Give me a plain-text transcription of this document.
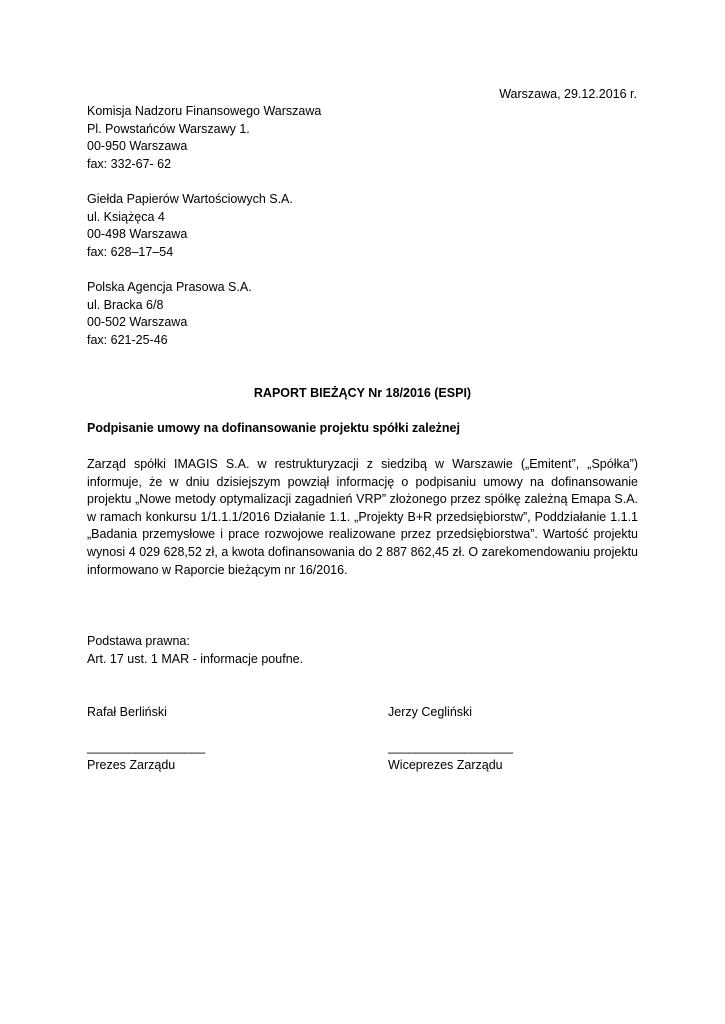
Warszawa, 29.12.2016 r.
Komisja Nadzoru Finansowego Warszawa
Pl. Powstańców Warszawy 1.
00-950 Warszawa
fax: 332-67- 62
Giełda Papierów Wartościowych S.A.
ul. Książęca 4
00-498 Warszawa
fax: 628–17–54
Polska Agencja Prasowa S.A.
ul. Bracka 6/8
00-502 Warszawa
fax: 621-25-46
RAPORT BIEŻĄCY Nr 18/2016 (ESPI)
Podpisanie umowy na dofinansowanie projektu spółki zależnej
Zarząd spółki IMAGIS S.A. w restrukturyzacji z siedzibą w Warszawie („Emitent”, „Spółka”) informuje, że w dniu dzisiejszym powziął informację o podpisaniu umowy na dofinansowanie projektu „Nowe metody optymalizacji zagadnień VRP” złożonego przez spółkę zależną Emapa S.A. w ramach konkursu 1/1.1.1/2016 Działanie 1.1. „Projekty B+R przedsiębiorstw”, Poddziałanie 1.1.1 „Badania przemysłowe i prace rozwojowe realizowane przez przedsiębiorstwa”. Wartość projektu wynosi 4 029 628,52 zł, a kwota dofinansowania do 2 887 862,45 zł. O zarekomendowaniu projektu informowano w Raporcie bieżącym nr 16/2016.
Podstawa prawna:
Art. 17 ust. 1 MAR - informacje poufne.
Rafał Berliński
_________________
Prezes Zarządu
Jerzy Cegliński
__________________
Wiceprezes Zarządu
